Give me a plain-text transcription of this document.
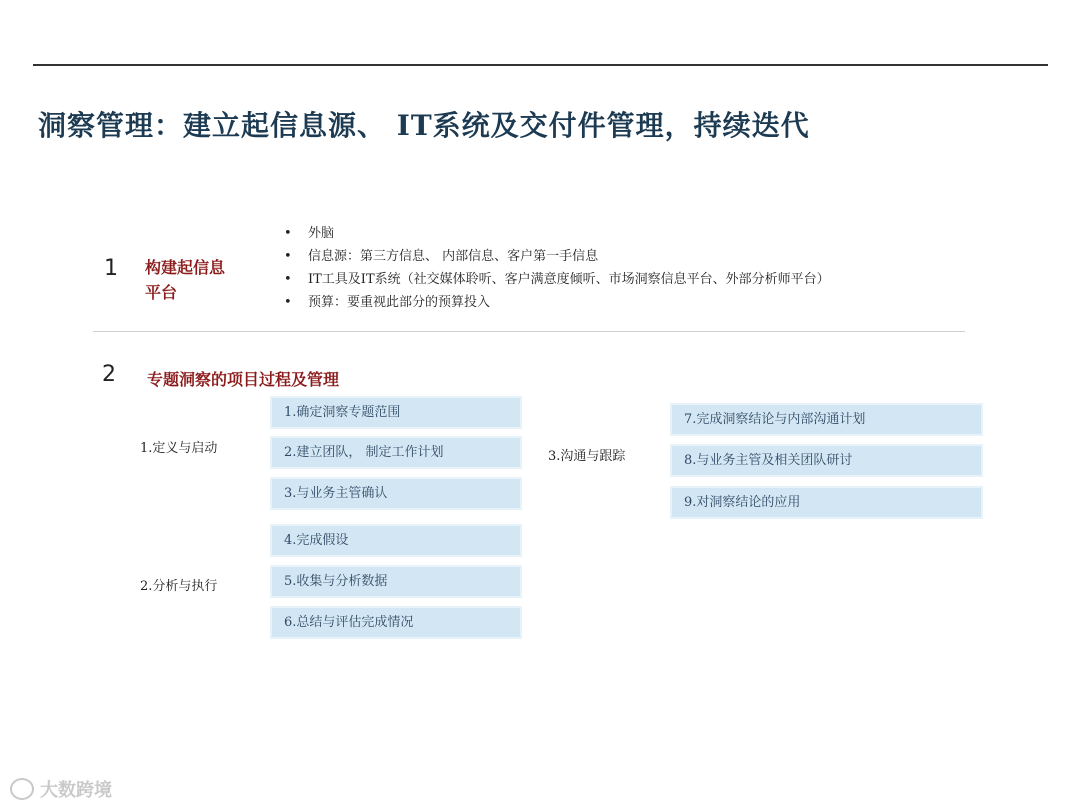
洞察管理：建立起信息源、 IT系统及交付件管理，持续迭代
1 构建起信息
平台
• 外脑
• 信息源：第三方信息、 内部信息、客户第一手信息
• IT工具及IT系统（社交媒体聆听、客户满意度倾听、市场洞察信息平台、外部分析师平台）
• 预算：要重视此部分的预算投入
2 专题洞察的项目过程及管理
1.定义与启动
2.分析与执行
3.沟通与跟踪
1.确定洞察专题范围
2.建立团队， 制定工作计划
3.与业务主管确认
4.完成假设
5.收集与分析数据
6.总结与评估完成情况
7.完成洞察结论与内部沟通计划
8.与业务主管及相关团队研讨
9.对洞察结论的应用
大数跨境
